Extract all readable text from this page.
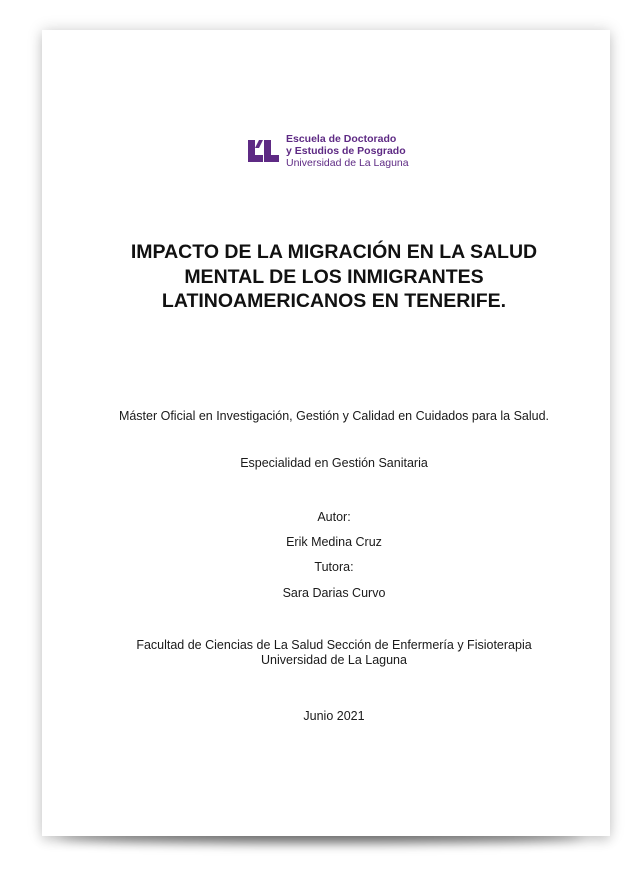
Escuela de Doctorado
y Estudios de Posgrado
Universidad de La Laguna
IMPACTO DE LA MIGRACIÓN EN LA SALUD MENTAL DE LOS INMIGRANTES LATINOAMERICANOS EN TENERIFE.

Máster Oficial en Investigación, Gestión y Calidad en Cuidados para la Salud.

Especialidad en Gestión Sanitaria

Autor:

Erik Medina Cruz

Tutora:

Sara Darias Curvo

Facultad de Ciencias de La Salud Sección de Enfermería y Fisioterapia Universidad de La Laguna

Junio 2021
